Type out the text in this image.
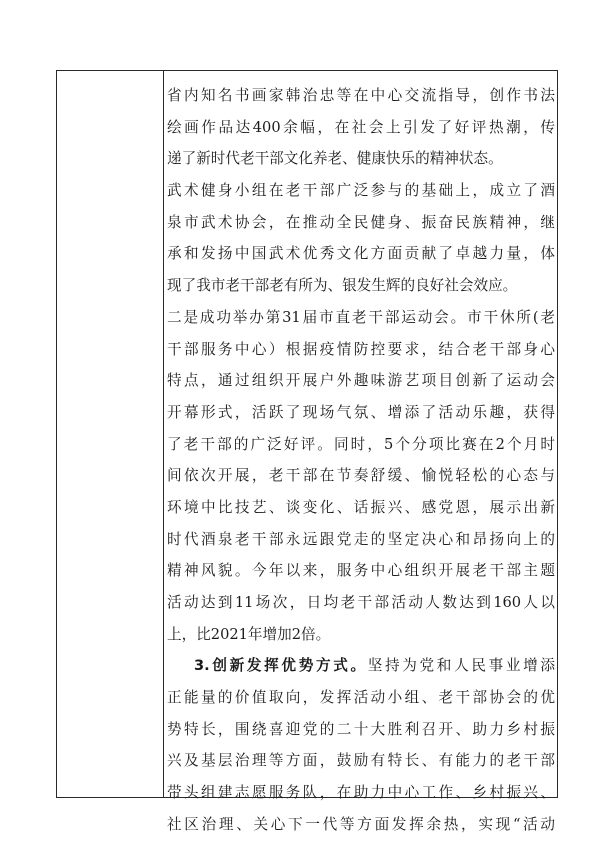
省内知名书画家韩治忠等在中心交流指导，创作书法
绘画作品达400余幅，在社会上引发了好评热潮，传
递了新时代老干部文化养老、健康快乐的精神状态。
武术健身小组在老干部广泛参与的基础上，成立了酒
泉市武术协会，在推动全民健身、振奋民族精神，继
承和发扬中国武术优秀文化方面贡献了卓越力量，体
现了我市老干部老有所为、银发生辉的良好社会效应。
二是成功举办第31届市直老干部运动会。市干休所(老
干部服务中心）根据疫情防控要求，结合老干部身心
特点，通过组织开展户外趣味游艺项目创新了运动会
开幕形式，活跃了现场气氛、增添了活动乐趣，获得
了老干部的广泛好评。同时，5个分项比赛在2个月时
间依次开展，老干部在节奏舒缓、愉悦轻松的心态与
环境中比技艺、谈变化、话振兴、感党恩，展示出新
时代酒泉老干部永远跟党走的坚定决心和昂扬向上的
精神风貌。今年以来，服务中心组织开展老干部主题
活动达到11场次，日均老干部活动人数达到160人以
上，比2021年增加2倍。
3.创新发挥优势方式。坚持为党和人民事业增添
正能量的价值取向，发挥活动小组、老干部协会的优
势特长，围绕喜迎党的二十大胜利召开、助力乡村振
兴及基层治理等方面，鼓励有特长、有能力的老干部
带头组建志愿服务队，在助力中心工作、乡村振兴、
社区治理、关心下一代等方面发挥余热，实现“活动
